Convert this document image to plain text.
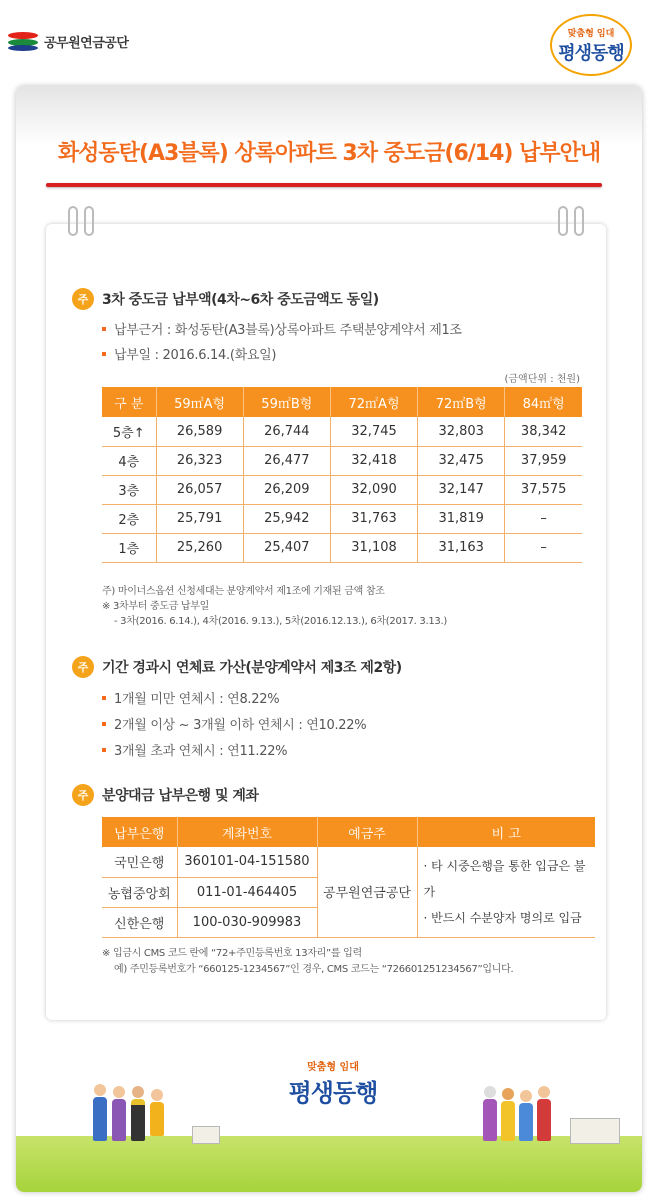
공무원연금공단
맞춤형 임대
평생동행
화성동탄(A3블록) 상록아파트 3차 중도금(6/14) 납부안내
주 3차 중도금 납부액(4차~6차 중도금액도 동일)
납부근거 : 화성동탄(A3블록)상록아파트 주택분양계약서 제1조
납부일 : 2016.6.14.(화요일)
(금액단위 : 천원)
구 분	59㎡A형	59㎡B형	72㎡A형	72㎡B형	84㎡형
5층↑	26,589	26,744	32,745	32,803	38,342
4층	26,323	26,477	32,418	32,475	37,959
3층	26,057	26,209	32,090	32,147	37,575
2층	25,791	25,942	31,763	31,819	–
1층	25,260	25,407	31,108	31,163	–
주) 마이너스옵션 신청세대는 분양계약서 제1조에 기재된 금액 참조
※ 3차부터 중도금 납부일
- 3차(2016. 6.14.), 4차(2016. 9.13.), 5차(2016.12.13.), 6차(2017. 3.13.)
주 기간 경과시 연체료 가산(분양계약서 제3조 제2항)
1개월 미만 연체시 : 연8.22%
2개월 이상 ~ 3개월 이하 연체시 : 연10.22%
3개월 초과 연체시 : 연11.22%
주 분양대금 납부은행 및 계좌
납부은행	계좌번호	예금주	비 고
국민은행	360101-04-151580	공무원연금공단	· 타 시중은행을 통한 입금은 불가
· 반드시 수분양자 명의로 입금

농협중앙회	011-01-464405		
신한은행	100-030-909983		
※ 입금시 CMS 코드 란에 “72+주민등록번호 13자리”를 입력
예) 주민등록번호가 “660125-1234567”인 경우, CMS 코드는 “726601251234567”입니다.
맞춤형 임대
평생동행
